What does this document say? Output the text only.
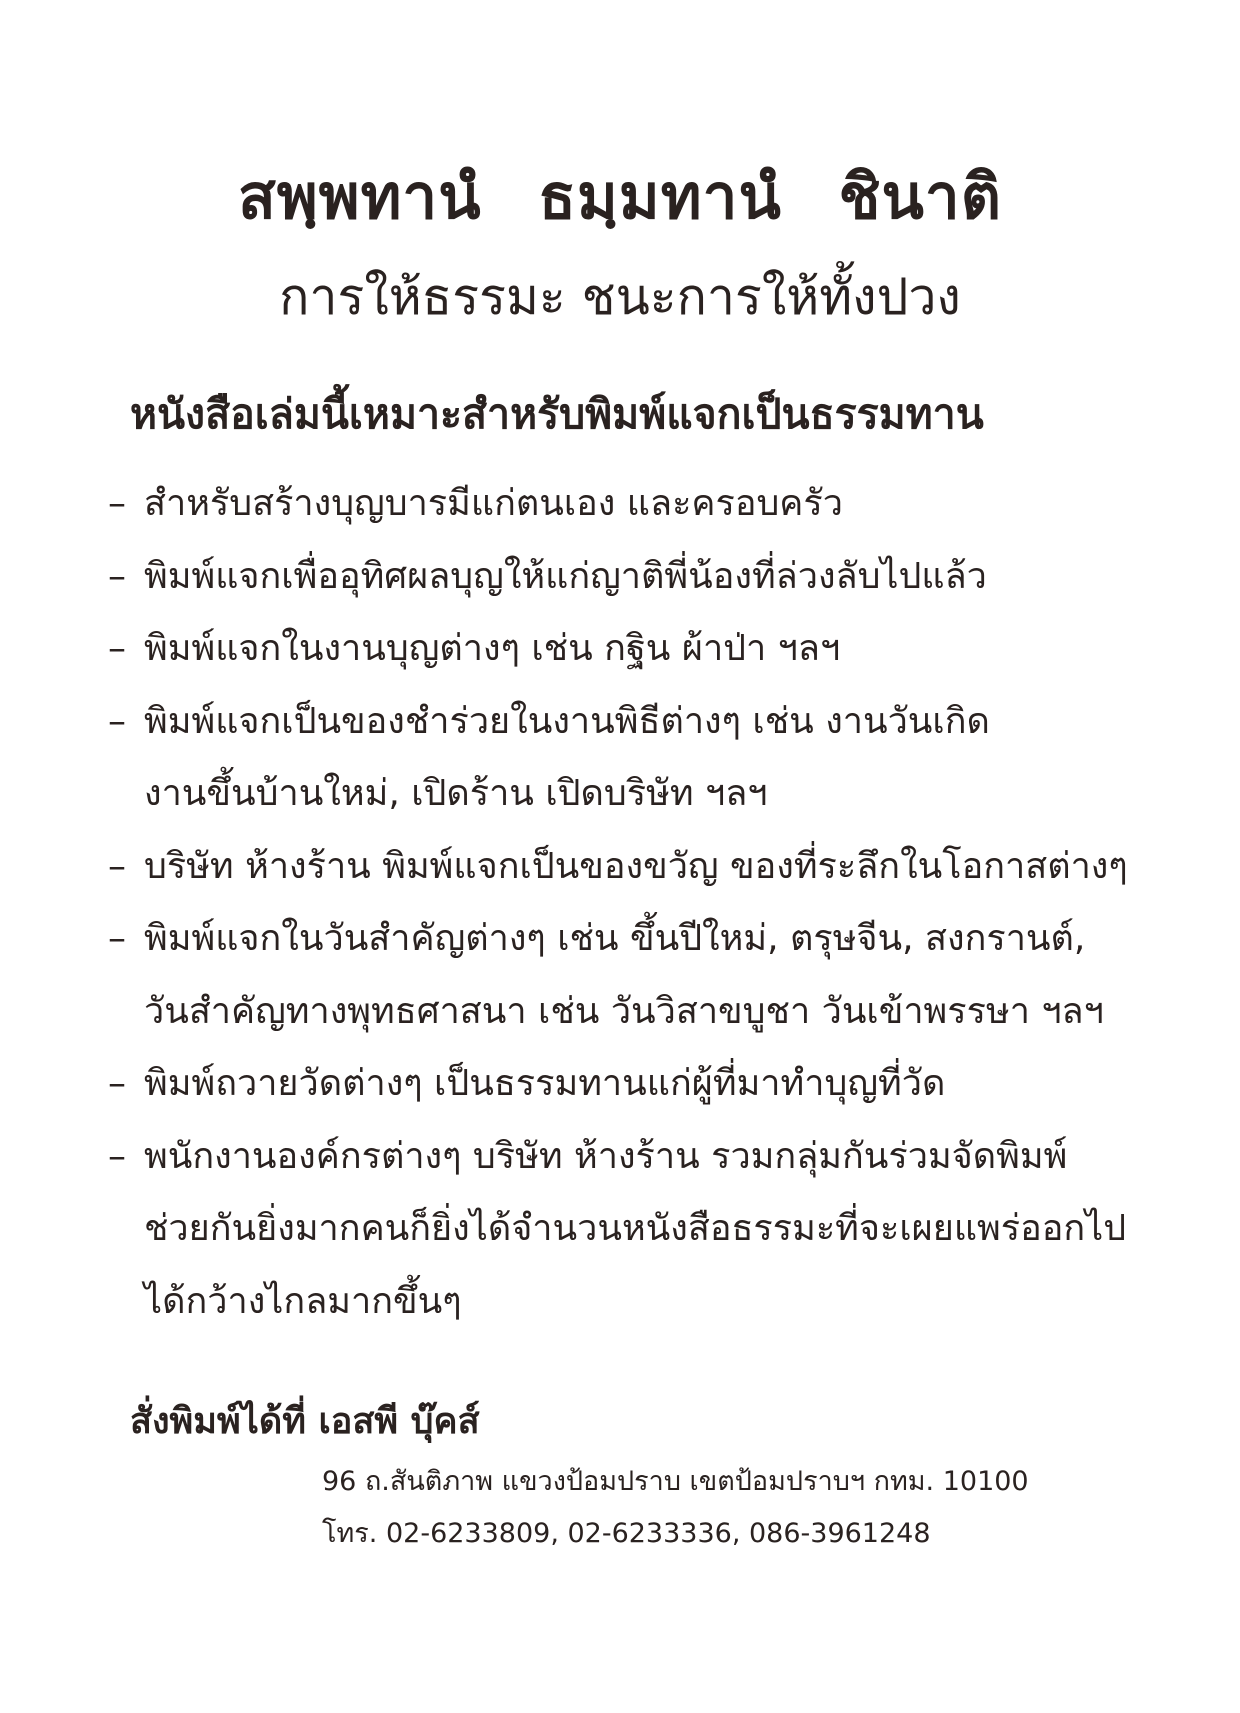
สพฺพทานํ ธมฺมทานํ ชินาติ
การให้ธรรมะ ชนะการให้ทั้งปวง
หนังสือเล่มนี้เหมาะสำหรับพิมพ์แจกเป็นธรรมทาน
– สำหรับสร้างบุญบารมีแก่ตนเอง และครอบครัว
– พิมพ์แจกเพื่ออุทิศผลบุญให้แก่ญาติพี่น้องที่ล่วงลับไปแล้ว
– พิมพ์แจกในงานบุญต่างๆ เช่น กฐิน ผ้าป่า ฯลฯ
– พิมพ์แจกเป็นของชำร่วยในงานพิธีต่างๆ เช่น งานวันเกิด
งานขึ้นบ้านใหม่, เปิดร้าน เปิดบริษัท ฯลฯ
– บริษัท ห้างร้าน พิมพ์แจกเป็นของขวัญ ของที่ระลึกในโอกาสต่างๆ
– พิมพ์แจกในวันสำคัญต่างๆ เช่น ขึ้นปีใหม่, ตรุษจีน, สงกรานต์,
วันสำคัญทางพุทธศาสนา เช่น วันวิสาขบูชา วันเข้าพรรษา ฯลฯ
– พิมพ์ถวายวัดต่างๆ เป็นธรรมทานแก่ผู้ที่มาทำบุญที่วัด
– พนักงานองค์กรต่างๆ บริษัท ห้างร้าน รวมกลุ่มกันร่วมจัดพิมพ์
ช่วยกันยิ่งมากคนก็ยิ่งได้จำนวนหนังสือธรรมะที่จะเผยแพร่ออกไป
ได้กว้างไกลมากขึ้นๆ
สั่งพิมพ์ได้ที่ เอสพี บุ๊คส์
96 ถ.สันติภาพ แขวงป้อมปราบ เขตป้อมปราบฯ กทม. 10100
โทร. 02-6233809, 02-6233336, 086-3961248
